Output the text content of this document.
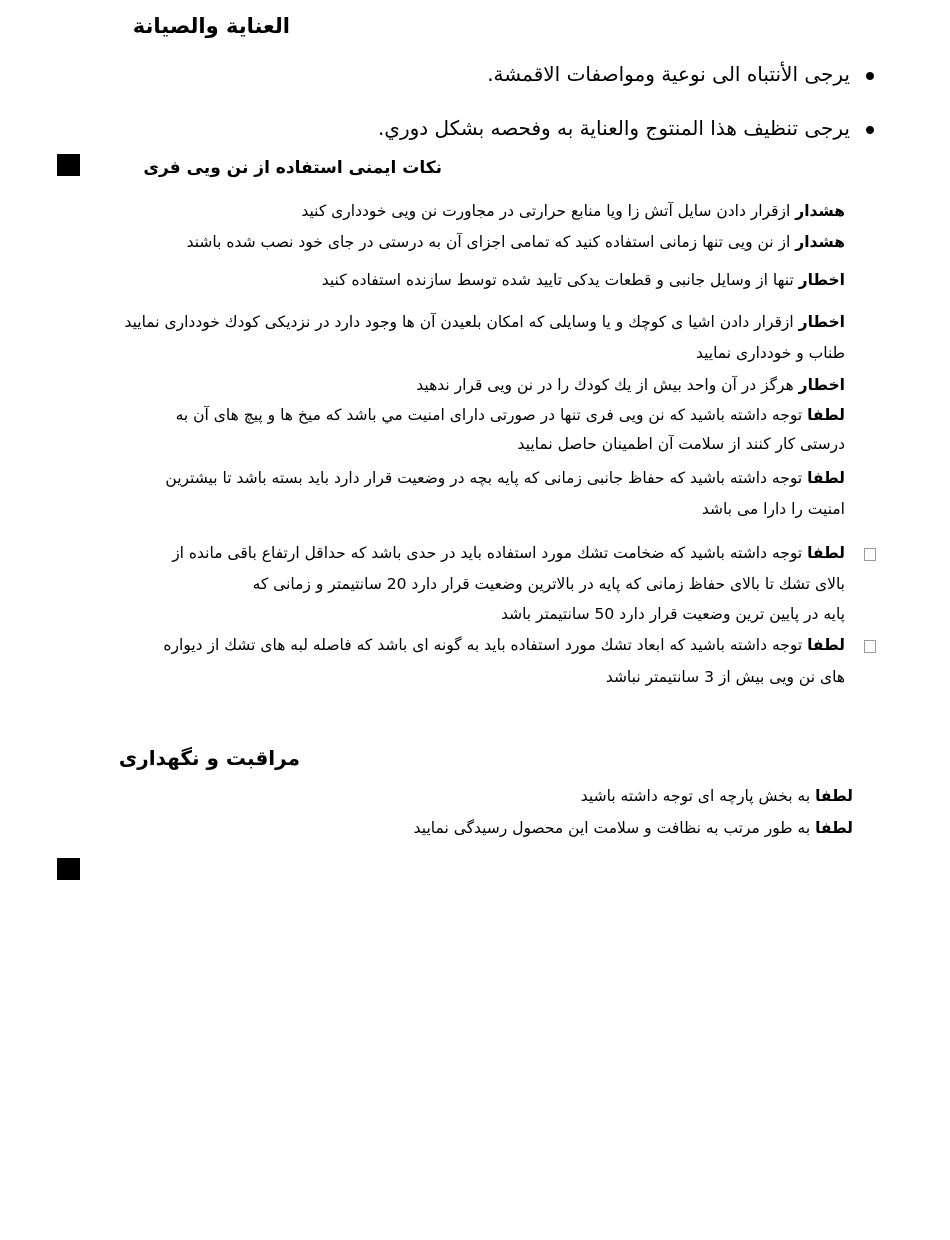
العناية والصيانة
يرجى الأنتباه الى نوعية ومواصفات الاقمشة.
يرجى تنظيف هذا المنتوج والعناية به وفحصه بشكل دوري.
نكات ايمنی استفاده از نن ويی فری
هشدار ازقرار دادن سايل آتش زا ويا منابع حرارتی در مجاورت نن ويی خودداری كنيد
هشدار از نن ويی تنها زمانی استفاده كنيد كه تمامی اجزای آن به درستی در جای خود نصب شده باشند
اخطار تنها از وسايل جانبی و قطعات يدكی تاييد شده توسط سازنده استفاده كنيد
اخطار ازقرار دادن اشيا ی كوچك و يا وسايلی كه امكان بلعيدن آن ها وجود دارد در نزديكی كودك خودداری نماييد
طناب و خودداری نماييد
اخطار هرگز در آن واحد بيش از يك كودك را در نن ويی قرار ندهيد
لطفا توجه داشته باشيد كه نن ويی فری تنها در صورتی دارای امنيت مي باشد كه ميخ ها و پيچ های آن به
درستی كار كنند از سلامت آن اطمينان حاصل نماييد
لطفا توجه داشته باشيد كه حفاظ جانبی زمانی كه پايه بچه در وضعيت قرار دارد بايد بسته باشد تا بيشترين
امنيت را دارا می باشد
لطفا توجه داشته باشيد كه ضخامت تشك مورد استفاده بايد در حدی باشد كه حداقل ارتفاع باقی مانده از
بالای تشك تا بالای حفاظ زمانی كه پايه در بالاترين وضعيت قرار دارد 20 سانتيمتر و زمانی كه
پايه در پايين ترين وضعيت قرار دارد 50 سانتيمتر باشد
لطفا توجه داشته باشيد كه ابعاد تشك مورد استفاده بايد به گونه ای باشد كه فاصله لبه های تشك از ديواره
های نن ويی بيش از 3 سانتيمتر نباشد
مراقبت و نگهداری
لطفا به بخش پارچه ای توجه داشته باشيد
لطفا به طور مرتب به نظافت و سلامت اين محصول رسيدگی نماييد
